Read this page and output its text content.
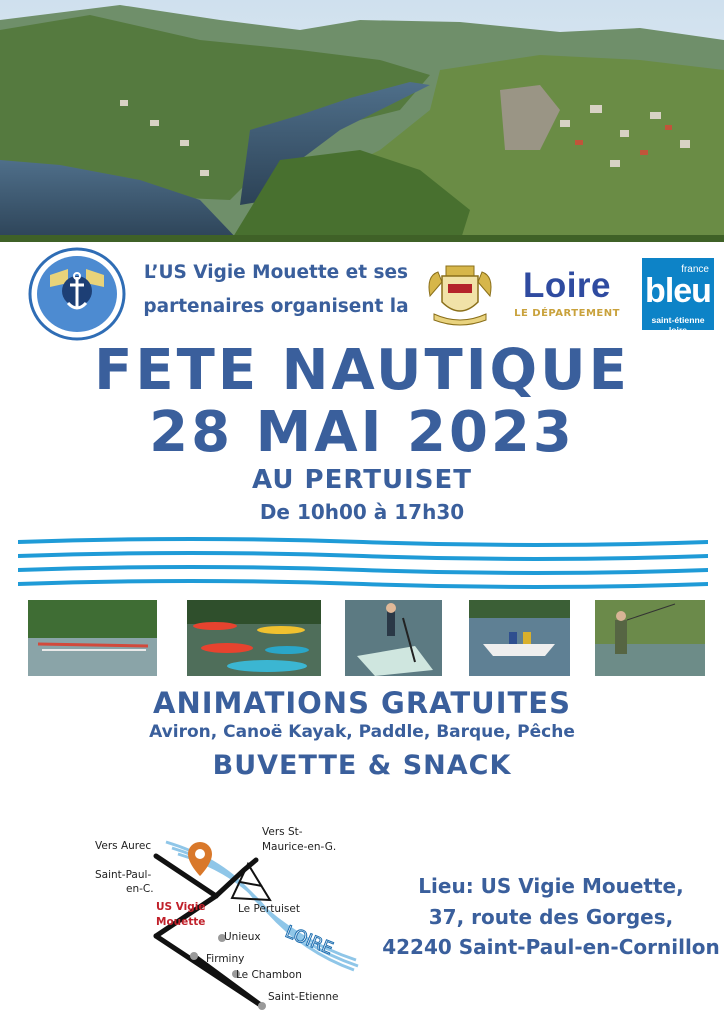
L’US Vigie Mouette et ses
partenaires organisent la
Loire
LE DÉPARTEMENT
france
bleu
saint-étienne loire
FETE NAUTIQUE
28 MAI 2023
AU PERTUISET
De 10h00 à 17h30
ANIMATIONS GRATUITES
Aviron, Canoë Kayak, Paddle, Barque, Pêche
BUVETTE & SNACK
Vers Aurec
Vers St-
Maurice-en-G.
Saint-Paul-
en-C.
US Vigie
Mouette
Le Pertuiset
Unieux LOIRE
Firminy
Le Chambon
Saint-Etienne
Lieu: US Vigie Mouette,
37, route des Gorges,
42240 Saint-Paul-en-Cornillon
